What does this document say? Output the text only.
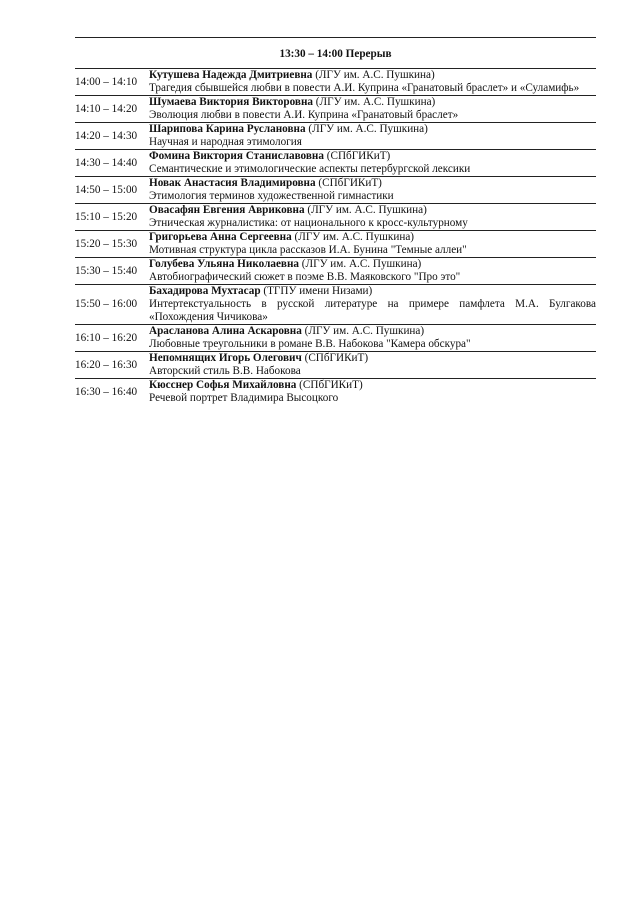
13:30 – 14:00 Перерыв
14:00 – 14:10
Кутушева Надежда Дмитриевна (ЛГУ им. А.С. Пушкина)
Трагедия сбывшейся любви в повести А.И. Куприна «Гранатовый браслет» и «Суламифь»
14:10 – 14:20
Шумаева Виктория Викторовна (ЛГУ им. А.С. Пушкина)
Эволюция любви в повести А.И. Куприна «Гранатовый браслет»
14:20 – 14:30
Шарипова Карина Руслановна (ЛГУ им. А.С. Пушкина)
Научная и народная этимология
14:30 – 14:40
Фомина Виктория Станиславовна (СПбГИКиТ)
Семантические и этимологические аспекты петербургской лексики
14:50 – 15:00
Новак Анастасия Владимировна (СПбГИКиТ)
Этимология терминов художественной гимнастики
15:10 – 15:20
Овасафян Евгения Авриковна (ЛГУ им. А.С. Пушкина)
Этническая журналистика: от национального к кросс-культурному
15:20 – 15:30
Григорьева Анна Сергеевна (ЛГУ им. А.С. Пушкина)
Мотивная структура цикла рассказов И.А. Бунина "Темные аллеи"
15:30 – 15:40
Голубева Ульяна Николаевна (ЛГУ им. А.С. Пушкина)
Автобиографический сюжет в поэме В.В. Маяковского "Про это"
15:50 – 16:00
Бахадирова Мухтасар (ТГПУ имени Низами)
Интертекстуальность в русской литературе на примере памфлета М.А. Булгакова «Похождения Чичикова»
16:10 – 16:20
Арасланова Алина Аскаровна (ЛГУ им. А.С. Пушкина)
Любовные треугольники в романе В.В. Набокова "Камера обскура"
16:20 – 16:30
Непомнящих Игорь Олегович (СПбГИКиТ)
Авторский стиль В.В. Набокова
16:30 – 16:40
Кюсснер Софья Михайловна (СПбГИКиТ)
Речевой портрет Владимира Высоцкого
